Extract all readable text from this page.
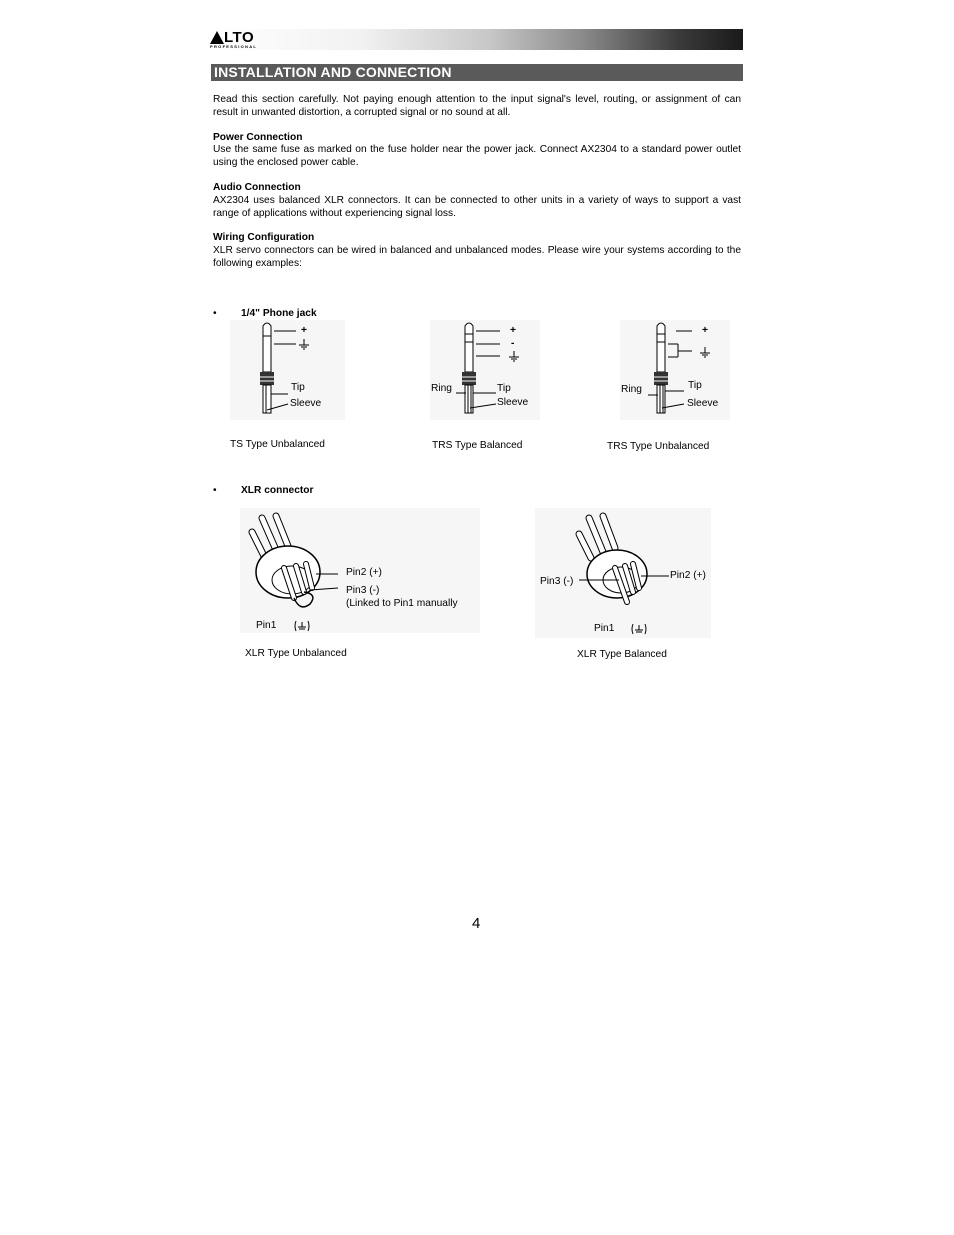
LTO
PROFESSIONAL
INSTALLATION AND CONNECTION
Read this section carefully. Not paying enough attention to the input signal's level, routing, or assignment of can result in unwanted distortion, a corrupted signal or no sound at all.
Power Connection
Use the same fuse as marked on the fuse holder near the power jack. Connect AX2304 to a standard power outlet using the enclosed power cable.
Audio Connection
AX2304 uses balanced XLR connectors. It can be connected to other units in a variety of ways to support a vast range of applications without experiencing signal loss.
Wiring Configuration
XLR servo connectors can be wired in balanced and unbalanced modes. Please wire your systems according to the following examples:
• 1/4" Phone jack
+
Tip
Sleeve
TS Type Unbalanced
+
-
Ring	Tip
Sleeve
TRS Type Balanced
+
Ring	Tip
Sleeve
TRS Type Unbalanced
• XLR connector
Pin2 (+)
Pin3 (-)
(Linked to Pin1 manually
Pin1
XLR Type Unbalanced
Pin2 (+)
Pin3 (-)
Pin1
XLR Type Balanced
4
